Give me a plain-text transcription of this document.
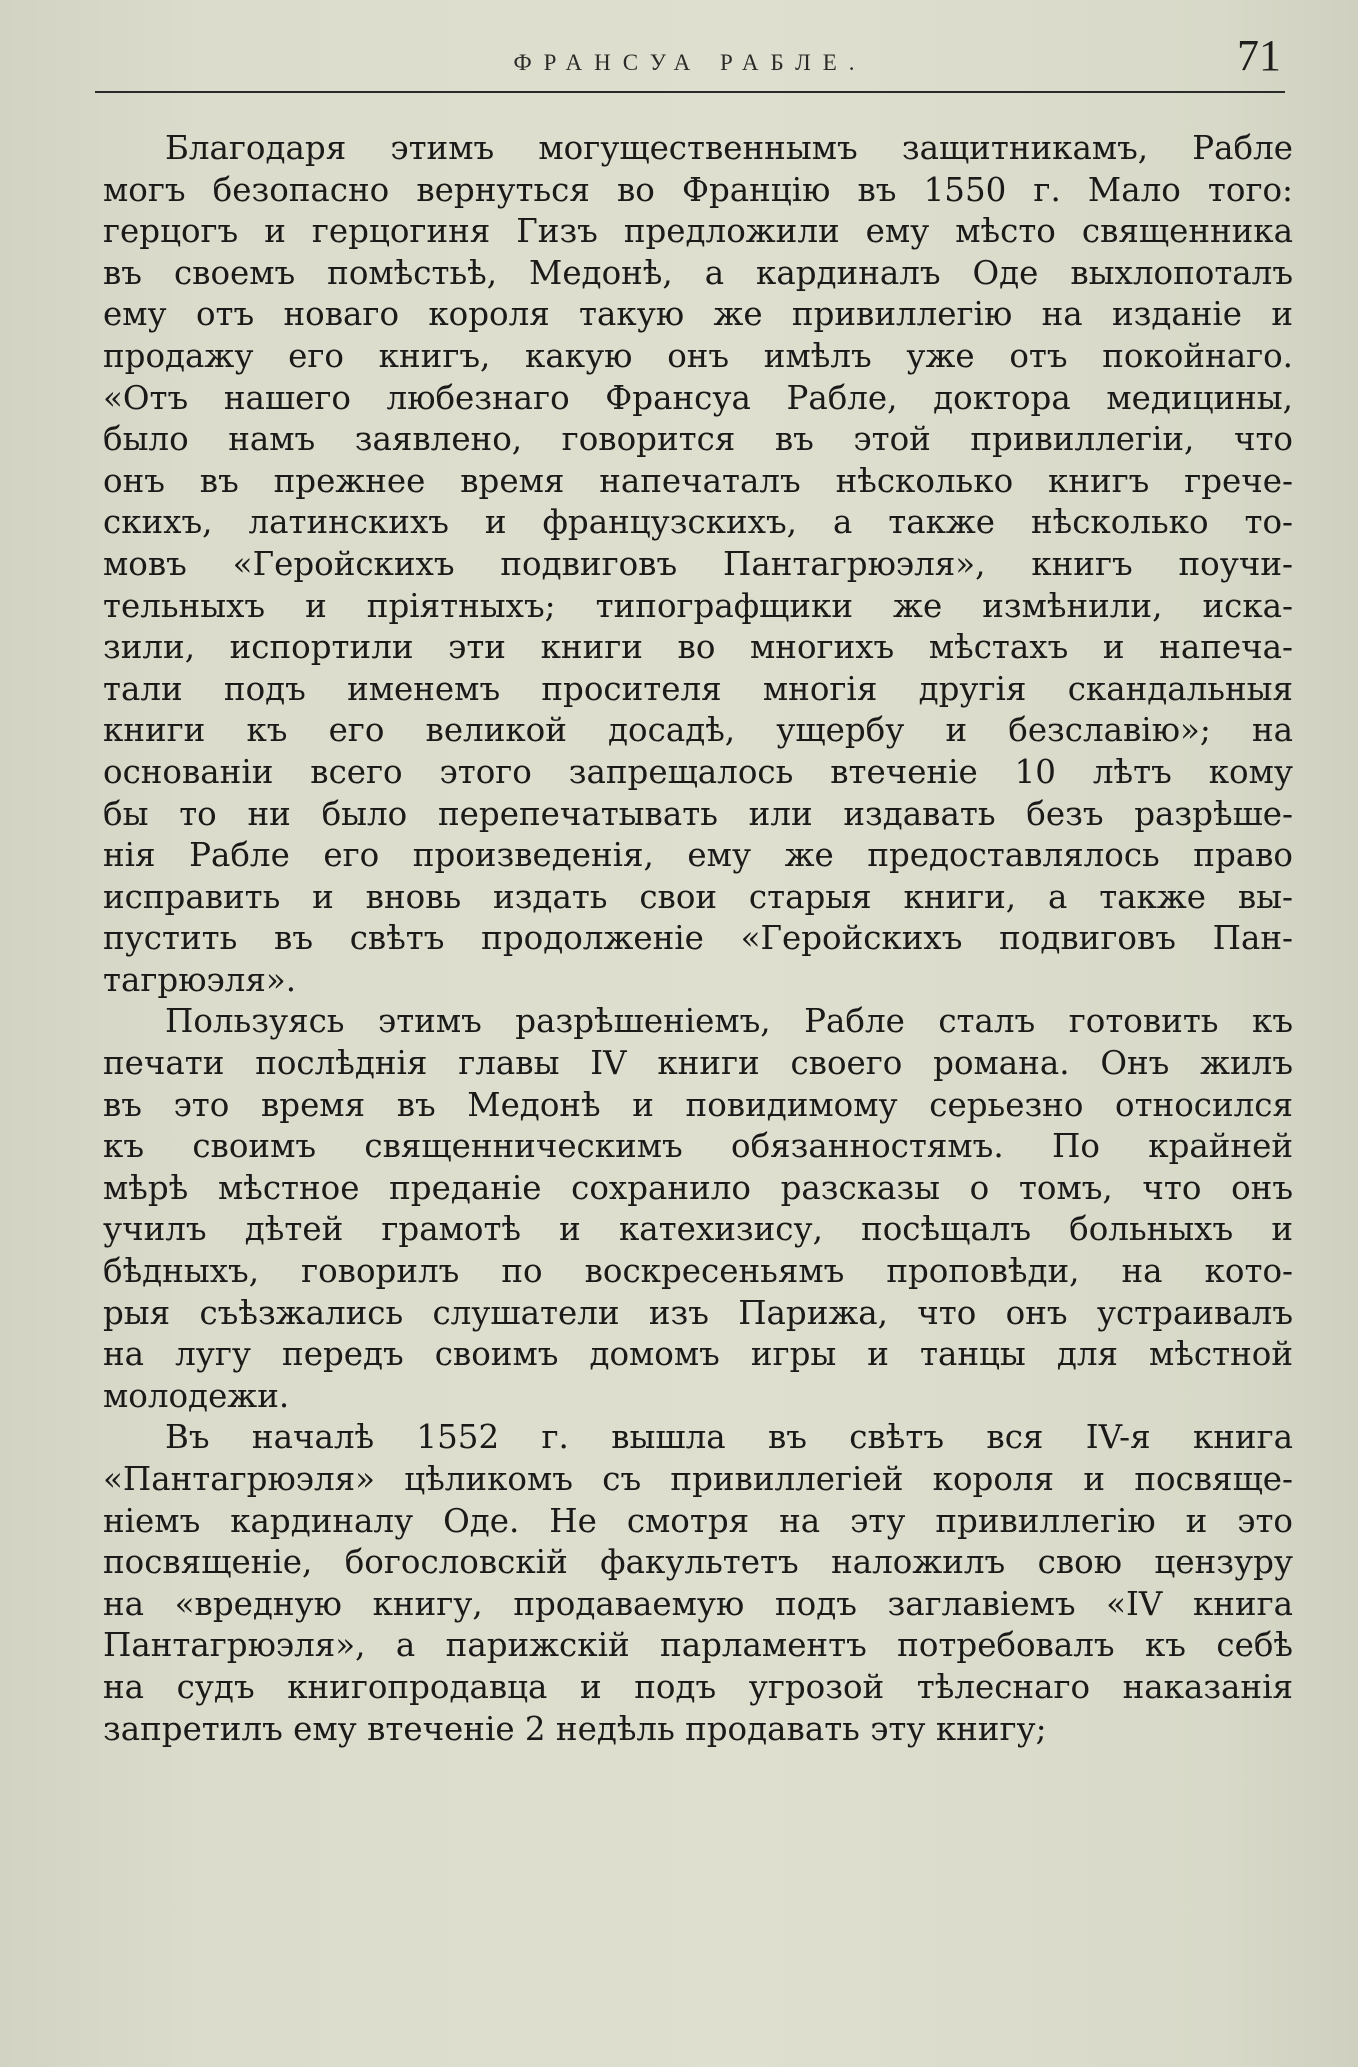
ФРАНСУА РАБЛЕ.	71
Благодаря этимъ могущественнымъ защитникамъ, Рабле
могъ безопасно вернуться во Францію въ 1550 г. Мало того:
герцогъ и герцогиня Гизъ предложили ему мѣсто священника
въ своемъ помѣстьѣ, Медонѣ, а кардиналъ Оде выхлопоталъ
ему отъ новаго короля такую же привиллегію на изданіе и
продажу его книгъ, какую онъ имѣлъ уже отъ покойнаго.
«Отъ нашего любезнаго Франсуа Рабле, доктора медицины,
было намъ заявлено, говорится въ этой привиллегіи, что
онъ въ прежнее время напечаталъ нѣсколько книгъ грече-
скихъ, латинскихъ и французскихъ, а также нѣсколько то-
мовъ «Геройскихъ подвиговъ Пантагрюэля», книгъ поучи-
тельныхъ и пріятныхъ; типографщики же измѣнили, иска-
зили, испортили эти книги во многихъ мѣстахъ и напеча-
тали подъ именемъ просителя многія другія скандальныя
книги къ его великой досадѣ, ущербу и безславію»; на
основаніи всего этого запрещалось втеченіе 10 лѣтъ кому
бы то ни было перепечатывать или издавать безъ разрѣше-
нія Рабле его произведенія, ему же предоставлялось право
исправить и вновь издать свои старыя книги, а также вы-
пустить въ свѣтъ продолженіе «Геройскихъ подвиговъ Пан-
тагрюэля».
Пользуясь этимъ разрѣшеніемъ, Рабле сталъ готовить къ
печати послѣднія главы IV книги своего романа. Онъ жилъ
въ это время въ Медонѣ и повидимому серьезно относился
къ своимъ священническимъ обязанностямъ. По крайней
мѣрѣ мѣстное преданіе сохранило разсказы о томъ, что онъ
училъ дѣтей грамотѣ и катехизису, посѣщалъ больныхъ и
бѣдныхъ, говорилъ по воскресеньямъ проповѣди, на кото-
рыя съѣзжались слушатели изъ Парижа, что онъ устраивалъ
на лугу передъ своимъ домомъ игры и танцы для мѣстной
молодежи.
Въ началѣ 1552 г. вышла въ свѣтъ вся IV-я книга
«Пантагрюэля» цѣликомъ съ привиллегіей короля и посвяще-
ніемъ кардиналу Оде. Не смотря на эту привиллегію и это
посвященіе, богословскій факультетъ наложилъ свою цензуру
на «вредную книгу, продаваемую подъ заглавіемъ «IV книга
Пантагрюэля», а парижскій парламентъ потребовалъ къ себѣ
на судъ книгопродавца и подъ угрозой тѣлеснаго наказанія
запретилъ ему втеченіе 2 недѣль продавать эту книгу;
